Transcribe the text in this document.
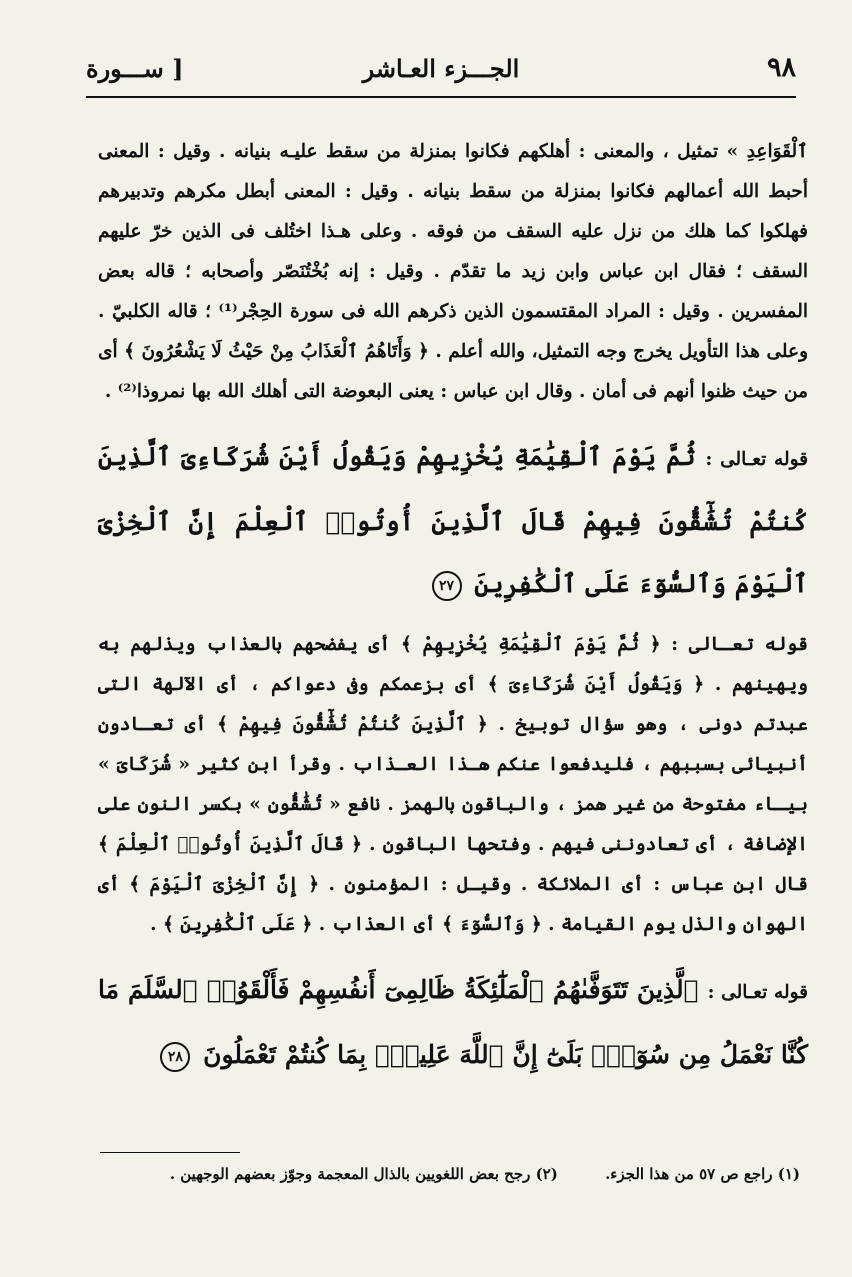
٩٨
الجـــزء العـاشر
[ ســـورة

ٱلْقَوَاعِدِ » تمثيل ، والمعنى : أهلكهم فكانوا بمنزلة من سقط عليـه بنيانه . وقيل : المعنى أحبط الله أعمالهم فكانوا بمنزلة من سقط بنيانه . وقيل : المعنى أبطل مكرهم وتدبيرهم فهلكوا كما هلك من نزل عليه السقف من فوقه . وعلى هـذا اختُلف فى الذين خرّ عليهم السقف ؛ فقال ابن عباس وابن زيد ما تقدّم . وقيل : إنه بُخْتُنَصّر وأصحابه ؛ قاله بعض المفسرين . وقيل : المراد المقتسمون الذين ذكرهم الله فى سورة الحِجْر⁽¹⁾ ؛ قاله الكلبيّ . وعلى هذا التأويل يخرج وجه التمثيل، والله أعلم . ﴿ وَأَتَاهُمُ ٱلْعَذَابُ مِنْ حَيْثُ لَا يَشْعُرُونَ ﴾ أى من حيث ظنوا أنهم فى أمان . وقال ابن عباس : يعنى البعوضة التى أهلك الله بها نمروذا⁽²⁾ .

قوله تعـالى : ثُمَّ يَوْمَ ٱلْقِيَٰمَةِ يُخْزِيهِمْ وَيَقُولُ أَيْنَ شُرَكَاءِىَ ٱلَّذِينَ كُنتُمْ تُشَٰٓقُّونَ فِيهِمْ قَالَ ٱلَّذِينَ أُوتُوا۟ ٱلْعِلْمَ إِنَّ ٱلْخِزْىَ ٱلْيَوْمَ وَٱلسُّوٓءَ عَلَى ٱلْكَٰفِرِينَ ٢٧

قوله تعـالى : ﴿ ثُمَّ يَوْمَ ٱلْقِيَٰمَةِ يُخْزِيهِمْ ﴾ أى يفضحهم بالعذاب ويذلهم به ويهينهم . ﴿ وَيَقُولُ أَيْنَ شُرَكَاءِىَ ﴾ أى بزعمكم وفى دعواكم ، أى الآلهة التى عبدتم دونى ، وهو سؤال توبيخ . ﴿ ٱلَّذِينَ كُنتُمْ تُشَٰٓقُّونَ فِيهِمْ ﴾ أى تعـادون أنبيائى بسببهم ، فليدفعوا عنكم هـذا العـذاب . وقرأ ابن كثير « شُرَكَاىَ » بيـاء مفتوحة من غير همز ، والباقون بالهمز . نافع « تُشَٰقُّونِ » بكسر النون على الإضافة ، أى تعادوننى فيهم . وفتحها الباقون . ﴿ قَالَ ٱلَّذِينَ أُوتُوا۟ ٱلْعِلْمَ ﴾ قال ابن عباس : أى الملائكة . وقيـل : المؤمنون . ﴿ إِنَّ ٱلْخِزْىَ ٱلْيَوْمَ ﴾ أى الهوان والذل يوم القيامة . ﴿ وَٱلسُّوٓءَ ﴾ أى العذاب . ﴿ عَلَى ٱلْكَٰفِرِينَ ﴾ .

قوله تعـالى : ٱلَّذِينَ تَتَوَفَّىٰهُمُ ٱلْمَلَٰٓئِكَةُ ظَالِمِىٓ أَنفُسِهِمْ فَأَلْقَوُا۟ ٱلسَّلَمَ مَا كُنَّا نَعْمَلُ مِن سُوٓءٍۭ بَلَىٰٓ إِنَّ ٱللَّهَ عَلِيمٌۢ بِمَا كُنتُمْ تَعْمَلُونَ ٢٨

(١) راجع ص ٥٧ من هذا الجزء. (٢) رجح بعض اللغويين بالذال المعجمة وجوّز بعضهم الوجهين .
